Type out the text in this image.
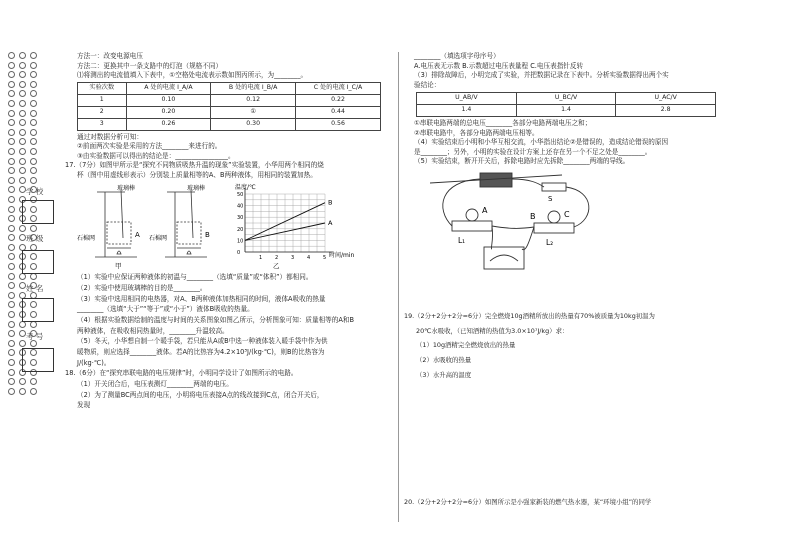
学 校
班 级
姓 名
考 号
方法一：改变电源电压
方法二：更换其中一条支路中的灯泡（规格不同）
⑴将测出的电流值填入下表中，①空格处电流表示数如图丙所示，为________。
实验次数	A 处的电流 I_A/A	B 处的电流 I_B/A	C 处的电流 I_C/A
1	0.10	0.12	0.22
2	0.20	①	0.44
3	0.26	0.30	0.56
通过对数据分析可知：
②前面两次实验是采用的方法________来进行的。
③由实验数据可以得出的结论是：________________。
17.（7分）如图甲所示是“探究不同物质吸热升温的现象”实验装置，小华用两个相同的烧
杯（图中用虚线形表示）分别装上质量相等的A、B两种液体，用相同的装置加热。
玻璃棒	玻璃棒
石棉网	石棉网
A	B
甲
50
40
30
20
10
0
1	2	3	4	5
B
A
温度/℃
时间/min
乙
（1）实验中应保证两种液体的初温与________（选填“质量”或“体积”）都相同。
（2）实验中使用玻璃棒的目的是________。
（3）实验中选用相同的电热器，对A、B两种液体加热相同的时间，液体A吸收的热量
________（选填“大于”“等于”或“小于”）液体B吸收的热量。
（4）根据实验数据绘制的温度与时间的关系图象如图乙所示，分析图象可知：质量相等的A和B
两种液体，在吸收相同热量时，________升温较高。
（5）冬天，小华想自制一个暖手袋，若只能从A或B中选一种液体装入暖手袋中作为供
暖物质，则应选择________液体。若A的比热容为4.2×10³J/(kg·℃)，则B的比热容为
J/(kg·℃)。
18.（6分）在“探究串联电路的电压规律”时，小明同学设计了如图所示的电路。
（1）开关闭合后，电压表测灯________两端的电压。
（2）为了测量BC两点间的电压，小明将电压表接A点的线改接到C点，闭合开关后，
发现
________（填选项字母序号）
A.电压表无示数 B.示数超过电压表量程 C.电压表指针反转
（3）排除故障后，小明完成了实验，并把数据记录在下表中。分析实验数据得出两个实
验结论：
U_AB/V	U_BC/V	U_AC/V
1.4	1.4	2.8
①串联电路两端的总电压________各部分电路两端电压之和；
②串联电路中，各部分电路两端电压相等。
（4）实验结束后小明和小华互相交流，小华指出结论②是错误的，造成结论错误的原因
是________；另外，小明的实验在设计方案上还存在另一个不足之处是________。
（5）实验结束，断开开关后，拆除电路时应先拆除________两端的导线。
A
B	C
S
L₁	L₂
19.（2分+2分+2分=6分）完全燃烧10g酒精所放出的热量有70%被质量为10kg初温为
20℃水吸收，（已知酒精的热值为3.0×10⁷J/kg）求：
（1）10g酒精完全燃烧放出的热量
（2）水吸收的热量
（3）水升高的温度
20.（2分+2分+2分=6分）如图所示是小强家新装的燃气热水器，某“环境小组”的同学
